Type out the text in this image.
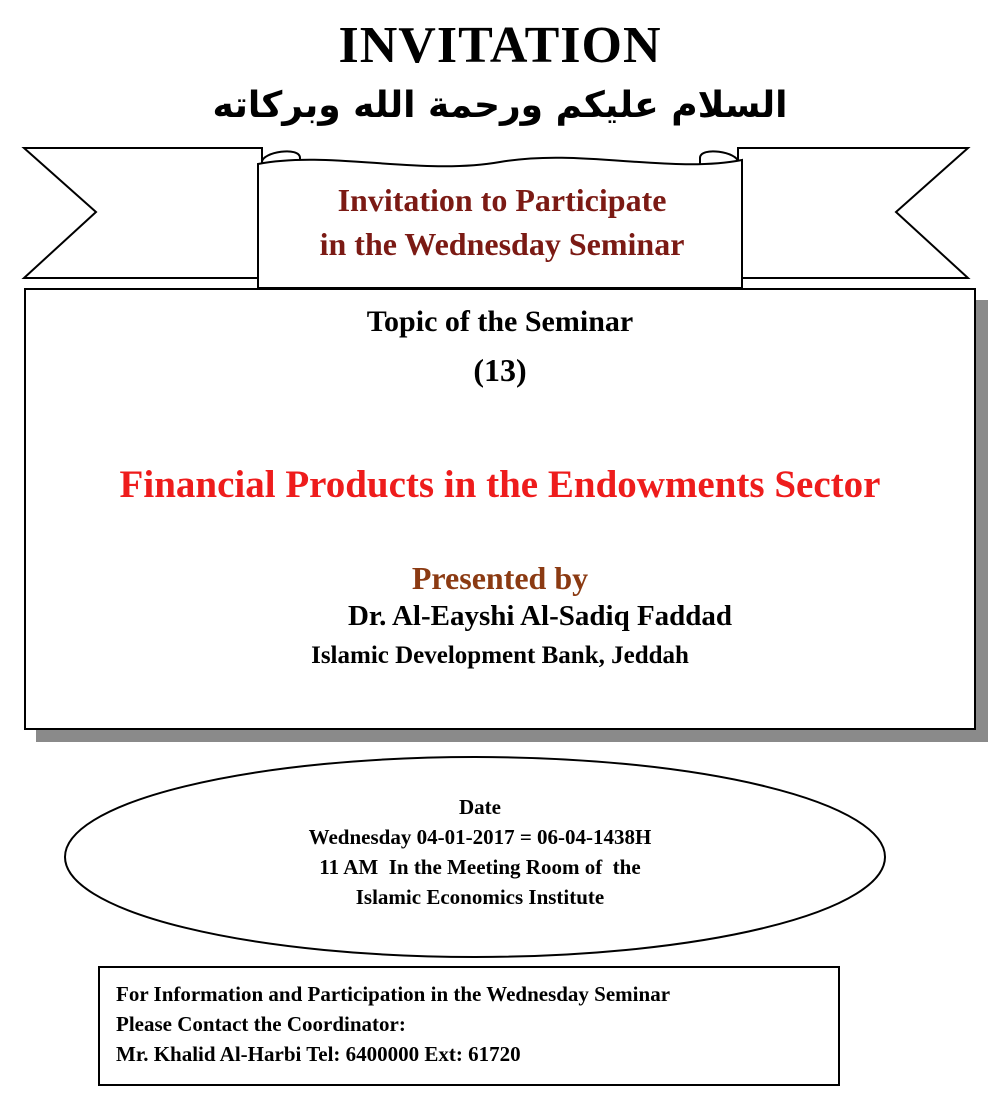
INVITATION
السلام عليكم ورحمة الله وبركاته
Invitation to Participate
in the Wednesday Seminar
Topic of the Seminar
(13)
Financial Products in the Endowments Sector
Presented by
Dr. Al-Eayshi Al-Sadiq Faddad
Islamic Development Bank, Jeddah
Date
Wednesday 04-01-2017 = 06-04-1438H
11 AM  In the Meeting Room of  the
Islamic Economics Institute
For Information and Participation in the Wednesday Seminar
Please Contact the Coordinator:
Mr. Khalid Al-Harbi Tel: 6400000 Ext: 61720
